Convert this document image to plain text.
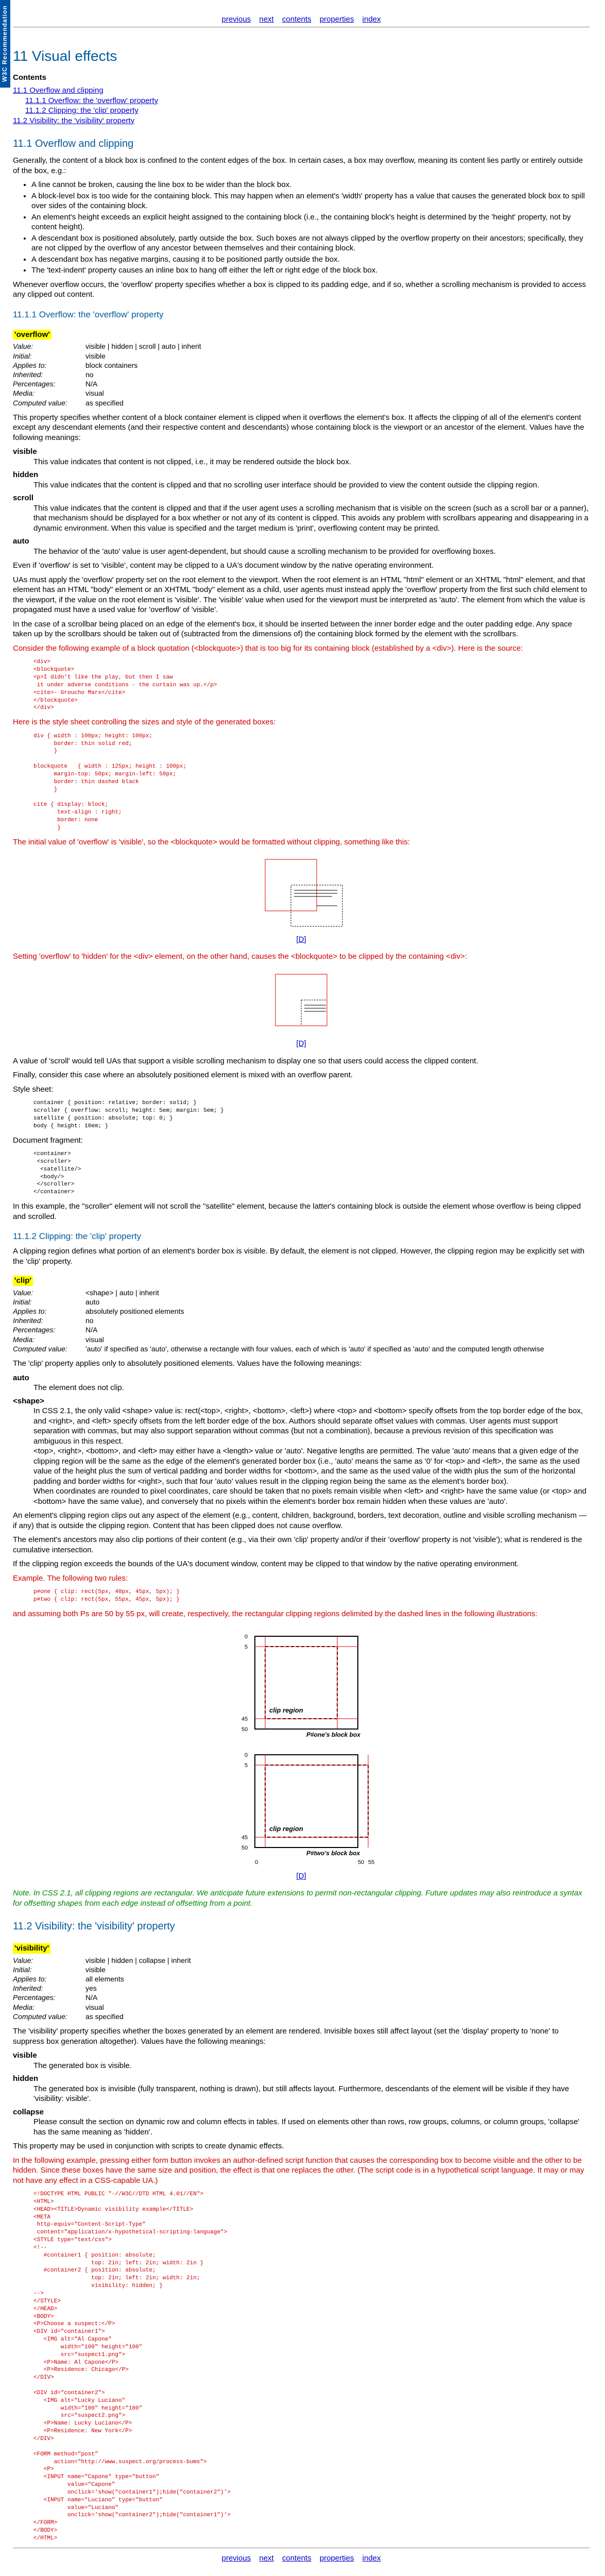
W3C Recommendation	previous next contents properties index
11 Visual effects
Contents
11.1 Overflow and clipping
11.1.1 Overflow: the 'overflow' property
11.1.2 Clipping: the 'clip' property
11.2 Visibility: the 'visibility' property
11.1 Overflow and clipping

Generally, the content of a block box is confined to the content edges of the box. In certain cases, a box may overflow, meaning its content lies partly or entirely outside of the box, e.g.:

• A line cannot be broken, causing the line box to be wider than the block box.
• A block-level box is too wide for the containing block. This may happen when an element's 'width' property has a value that causes the generated block box to spill over sides of the containing block.
• An element's height exceeds an explicit height assigned to the containing block (i.e., the containing block's height is determined by the 'height' property, not by content height).
• A descendant box is positioned absolutely, partly outside the box. Such boxes are not always clipped by the overflow property on their ancestors; specifically, they are not clipped by the overflow of any ancestor between themselves and their containing block.
• A descendant box has negative margins, causing it to be positioned partly outside the box.
• The 'text-indent' property causes an inline box to hang off either the left or right edge of the block box.

Whenever overflow occurs, the 'overflow' property specifies whether a box is clipped to its padding edge, and if so, whether a scrolling mechanism is provided to access any clipped out content.

11.1.1 Overflow: the 'overflow' property
'overflow'
Value:	visible | hidden | scroll | auto | inherit
Initial:	visible
Applies to:	block containers
Inherited:	no
Percentages:	N/A
Media:	visual
Computed value:	as specified

This property specifies whether content of a block container element is clipped when it overflows the element's box. It affects the clipping of all of the element's content except any descendant elements (and their respective content and descendants) whose containing block is the viewport or an ancestor of the element. Values have the following meanings:

visible
This value indicates that content is not clipped, i.e., it may be rendered outside the block box.
hidden
This value indicates that the content is clipped and that no scrolling user interface should be provided to view the content outside the clipping region.
scroll
This value indicates that the content is clipped and that if the user agent uses a scrolling mechanism that is visible on the screen (such as a scroll bar or a panner), that mechanism should be displayed for a box whether or not any of its content is clipped. This avoids any problem with scrollbars appearing and disappearing in a dynamic environment. When this value is specified and the target medium is 'print', overflowing content may be printed.
auto
The behavior of the 'auto' value is user agent-dependent, but should cause a scrolling mechanism to be provided for overflowing boxes.

Even if 'overflow' is set to 'visible', content may be clipped to a UA's document window by the native operating environment.

UAs must apply the 'overflow' property set on the root element to the viewport. When the root element is an HTML "html" element or an XHTML "html" element, and that element has an HTML "body" element or an XHTML "body" element as a child, user agents must instead apply the 'overflow' property from the first such child element to the viewport, if the value on the root element is 'visible'. The 'visible' value when used for the viewport must be interpreted as 'auto'. The element from which the value is propagated must have a used value for 'overflow' of 'visible'.

In the case of a scrollbar being placed on an edge of the element's box, it should be inserted between the inner border edge and the outer padding edge. Any space taken up by the scrollbars should be taken out of (subtracted from the dimensions of) the containing block formed by the element with the scrollbars.

Consider the following example of a block quotation (<blockquote>) that is too big for its containing block (established by a <div>). Here is the source:

<div>
<blockquote>
<p>I didn't like the play, but then I saw
it under adverse conditions - the curtain was up.</p>
<cite>- Groucho Marx</cite>
</blockquote>
</div>

Here is the style sheet controlling the sizes and style of the generated boxes:

div { width : 100px; height: 100px;
border: thin solid red;
}

blockquote   { width : 125px; height : 100px;
margin-top: 50px; margin-left: 50px;
border: thin dashed black
}

cite { display: block;
text-align : right;
border: none
}

The initial value of 'overflow' is 'visible', so the <blockquote> would be formatted without clipping, something like this:

[D]

Setting 'overflow' to 'hidden' for the <div> element, on the other hand, causes the <blockquote> to be clipped by the containing <div>:

[D]

A value of 'scroll' would tell UAs that support a visible scrolling mechanism to display one so that users could access the clipped content.

Finally, consider this case where an absolutely positioned element is mixed with an overflow parent.

Style sheet:

container { position: relative; border: solid; }
scroller { overflow: scroll; height: 5em; margin: 5em; }
satellite { position: absolute; top: 0; }
body { height: 10em; }

Document fragment:

<container>
<scroller>
<satellite/>
<body/>
</scroller>
</container>

In this example, the "scroller" element will not scroll the "satellite" element, because the latter's containing block is outside the element whose overflow is being clipped and scrolled.

11.1.2 Clipping: the 'clip' property

A clipping region defines what portion of an element's border box is visible. By default, the element is not clipped. However, the clipping region may be explicitly set with the 'clip' property.

'clip'
Value:	<shape> | auto | inherit
Initial:	auto
Applies to:	absolutely positioned elements
Inherited:	no
Percentages:	N/A
Media:	visual
Computed value:	'auto' if specified as 'auto', otherwise a rectangle with four values, each of which is 'auto' if specified as 'auto' and the computed length otherwise

The 'clip' property applies only to absolutely positioned elements. Values have the following meanings:

auto
The element does not clip.
<shape>
In CSS 2.1, the only valid <shape> value is: rect(<top>, <right>, <bottom>, <left>) where <top> and <bottom> specify offsets from the top border edge of the box, and <right>, and <left> specify offsets from the left border edge of the box. Authors should separate offset values with commas. User agents must support separation with commas, but may also support separation without commas (but not a combination), because a previous revision of this specification was ambiguous in this respect.
<top>, <right>, <bottom>, and <left> may either have a <length> value or 'auto'. Negative lengths are permitted. The value 'auto' means that a given edge of the clipping region will be the same as the edge of the element's generated border box (i.e., 'auto' means the same as '0' for <top> and <left>, the same as the used value of the height plus the sum of vertical padding and border widths for <bottom>, and the same as the used value of the width plus the sum of the horizontal padding and border widths for <right>, such that four 'auto' values result in the clipping region being the same as the element's border box).
When coordinates are rounded to pixel coordinates, care should be taken that no pixels remain visible when <left> and <right> have the same value (or <top> and <bottom> have the same value), and conversely that no pixels within the element's border box remain hidden when these values are 'auto'.

An element's clipping region clips out any aspect of the element (e.g., content, children, background, borders, text decoration, outline and visible scrolling mechanism — if any) that is outside the clipping region. Content that has been clipped does not cause overflow.

The element's ancestors may also clip portions of their content (e.g., via their own 'clip' property and/or if their 'overflow' property is not 'visible'); what is rendered is the cumulative intersection.

If the clipping region exceeds the bounds of the UA's document window, content may be clipped to that window by the native operating environment.

Example. The following two rules:

p#one { clip: rect(5px, 40px, 45px, 5px); }
p#two { clip: rect(5px, 55px, 45px, 5px); }

and assuming both Ps are 50 by 55 px, will create, respectively, the rectangular clipping regions delimited by the dashed lines in the following illustrations:

clip region
P#one's block box
0
5
45
50
clip region
P#two's block box
0
5
45
50
0	50 55
[D]

Note. In CSS 2.1, all clipping regions are rectangular. We anticipate future extensions to permit non-rectangular clipping. Future updates may also reintroduce a syntax for offsetting shapes from each edge instead of offsetting from a point.

11.2 Visibility: the 'visibility' property
'visibility'
Value:	visible | hidden | collapse | inherit
Initial:	visible
Applies to:	all elements
Inherited:	yes
Percentages:	N/A
Media:	visual
Computed value:	as specified

The 'visibility' property specifies whether the boxes generated by an element are rendered. Invisible boxes still affect layout (set the 'display' property to 'none' to suppress box generation altogether). Values have the following meanings:

visible
The generated box is visible.
hidden
The generated box is invisible (fully transparent, nothing is drawn), but still affects layout. Furthermore, descendants of the element will be visible if they have 'visibility: visible'.
collapse
Please consult the section on dynamic row and column effects in tables. If used on elements other than rows, row groups, columns, or column groups, 'collapse' has the same meaning as 'hidden'.

This property may be used in conjunction with scripts to create dynamic effects.

In the following example, pressing either form button invokes an author-defined script function that causes the corresponding box to become visible and the other to be hidden. Since these boxes have the same size and position, the effect is that one replaces the other. (The script code is in a hypothetical script language. It may or may not have any effect in a CSS-capable UA.)

<!DOCTYPE HTML PUBLIC "-//W3C//DTD HTML 4.01//EN">
<HTML>
<HEAD><TITLE>Dynamic visibility example</TITLE>
<META
http-equiv="Content-Script-Type"
content="application/x-hypothetical-scripting-language">
<STYLE type="text/css">
<!--
#container1 { position: absolute;
top: 2in; left: 2in; width: 2in }
#container2 { position: absolute;
top: 2in; left: 2in; width: 2in;
visibility: hidden; }
-->
</STYLE>
</HEAD>
<BODY>
<P>Choose a suspect:</P>
<DIV id="container1">
<IMG alt="Al Capone"
width="100" height="100"
src="suspect1.png">
<P>Name: Al Capone</P>
<P>Residence: Chicago</P>
</DIV>

<DIV id="container2">
<IMG alt="Lucky Luciano"
width="100" height="100"
src="suspect2.png">
<P>Name: Lucky Luciano</P>
<P>Residence: New York</P>
</DIV>

<FORM method="post"
action="http://www.suspect.org/process-bums">
<P>
<INPUT name="Capone" type="button"
value="Capone"
onclick='show("container1");hide("container2")'>
<INPUT name="Luciano" type="button"
value="Luciano"
onclick='show("container2");hide("container1")'>
</FORM>
</BODY>
</HTML>
previous next contents properties index
